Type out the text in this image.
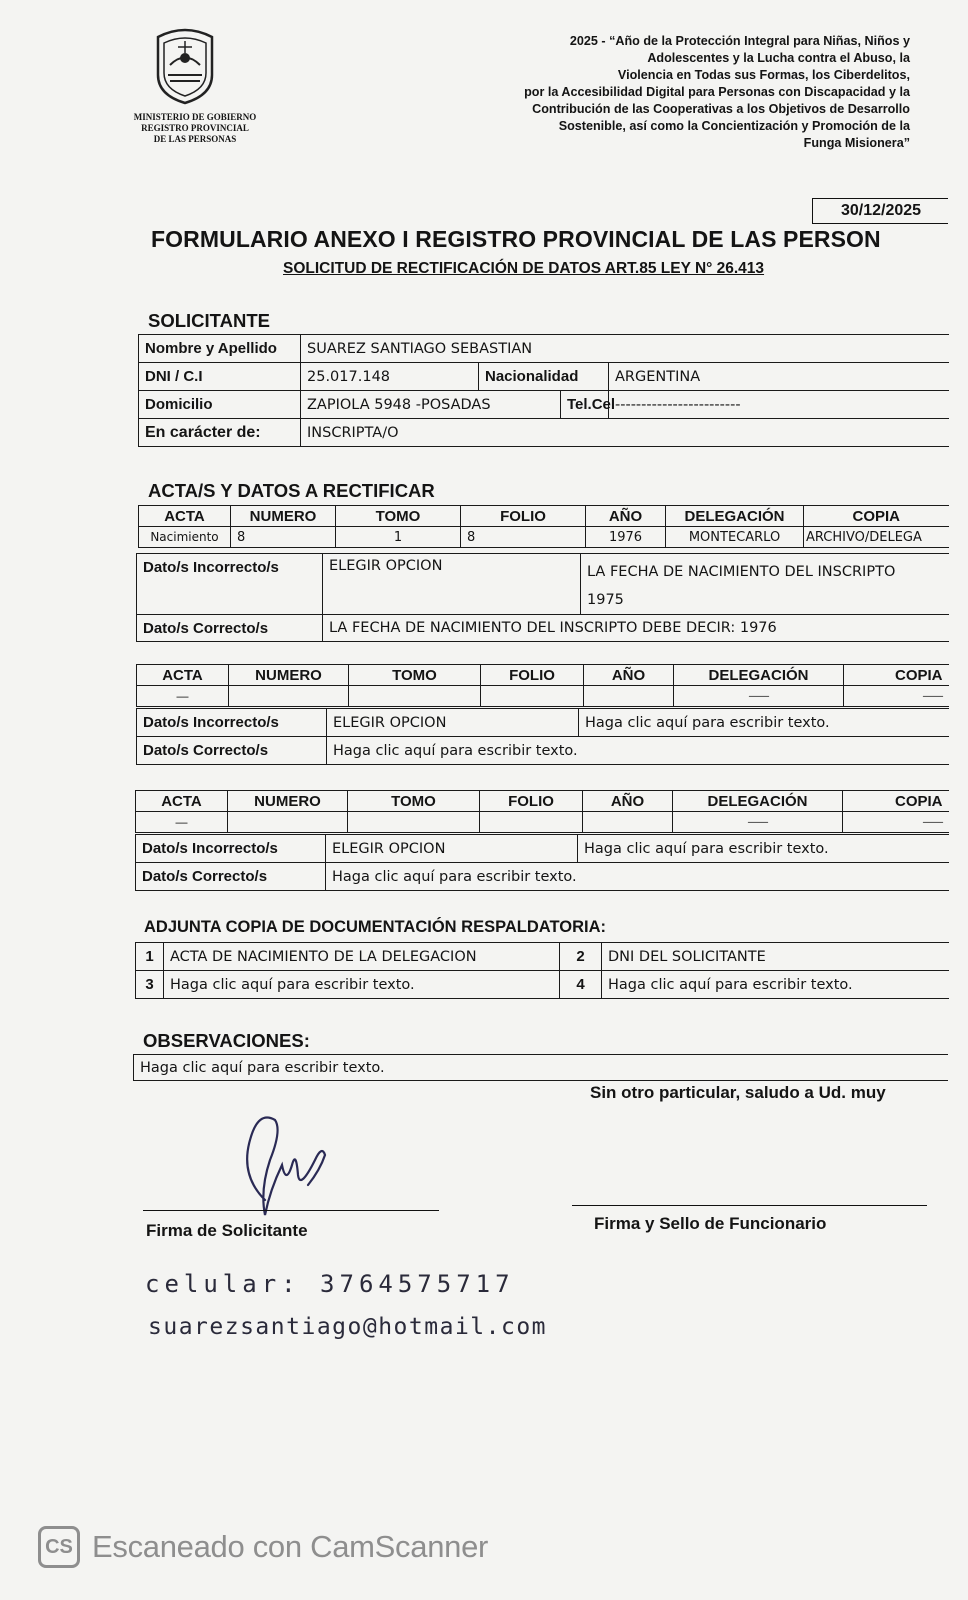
MINISTERIO DE GOBIERNO
REGISTRO PROVINCIAL
DE LAS PERSONAS
2025 - “Año de la Protección Integral para Niñas, Niños y
Adolescentes y la Lucha contra el Abuso, la
Violencia en Todas sus Formas, los Ciberdelitos,
por la Accesibilidad Digital para Personas con Discapacidad y la
Contribución de las Cooperativas a los Objetivos de Desarrollo
Sostenible, así como la Concientización y Promoción de la
Funga Misionera”
30/12/2025
FORMULARIO ANEXO I REGISTRO PROVINCIAL DE LAS PERSON
SOLICITUD DE RECTIFICACIÓN DE DATOS ART.85 LEY N° 26.413
SOLICITANTE
Nombre y Apellido	SUAREZ SANTIAGO SEBASTIAN			
DNI / C.I	25.017.148	Nacionalidad		ARGENTINA
Domicilio	ZAPIOLA 5948 -POSADAS		Tel.Cel	------------------------
En carácter de:	INSCRIPTA/O			
ACTA/S Y DATOS A RECTIFICAR
ACTA	NUMERO	TOMO	FOLIO	AÑO	DELEGACIÓN	COPIA
Nacimiento	8	1	8	1976	MONTECARLO	ARCHIVO/DELEGA
Dato/s Incorrecto/s	ELEGIR OPCION	LA FECHA DE NACIMIENTO DEL INSCRIPTO
1975

Dato/s Correcto/s	LA FECHA DE NACIMIENTO DEL INSCRIPTO DEBE DECIR: 1976	
ACTA	NUMERO	TOMO	FOLIO	AÑO	DELEGACIÓN	COPIA
—					----------	----------
Dato/s Incorrecto/s	ELEGIR OPCION	Haga clic aquí para escribir texto.
Dato/s Correcto/s	Haga clic aquí para escribir texto.	
ACTA	NUMERO	TOMO	FOLIO	AÑO	DELEGACIÓN	COPIA
—					----------	----------
Dato/s Incorrecto/s	ELEGIR OPCION	Haga clic aquí para escribir texto.
Dato/s Correcto/s	Haga clic aquí para escribir texto.	
ADJUNTA COPIA DE DOCUMENTACIÓN RESPALDATORIA:
1	ACTA DE NACIMIENTO DE LA DELEGACION	2	DNI DEL SOLICITANTE
3	Haga clic aquí para escribir texto.	4	Haga clic aquí para escribir texto.
OBSERVACIONES:
Haga clic aquí para escribir texto.
Sin otro particular, saludo a Ud. muy
Firma de Solicitante	Firma y Sello de Funcionario
celular: 3764575717
suarezsantiago@hotmail.com
CS Escaneado con CamScanner
